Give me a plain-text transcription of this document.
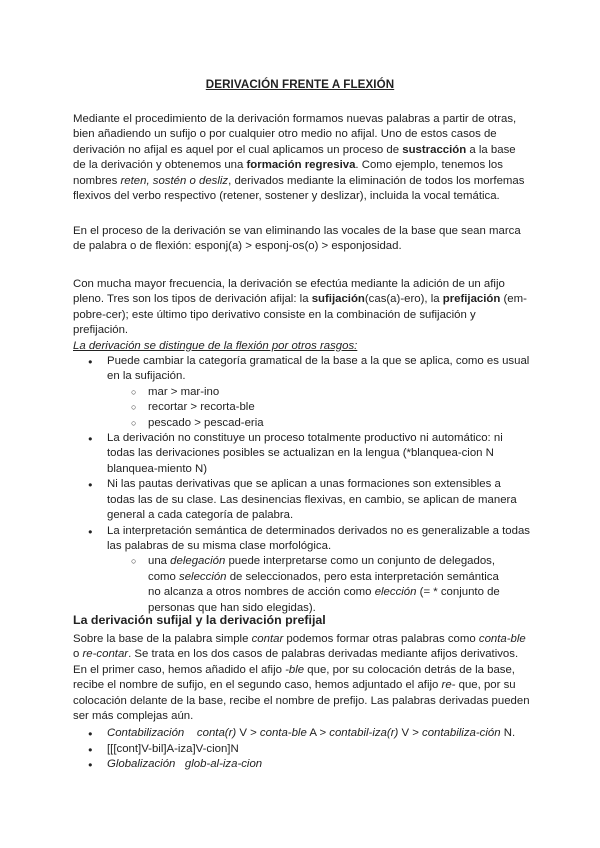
DERIVACIÓN FRENTE A FLEXIÓN

Mediante el procedimiento de la derivación formamos nuevas palabras a partir de otras, bien añadiendo un sufijo o por cualquier otro medio no afijal. Uno de estos casos de derivación no afijal es aquel por el cual aplicamos un proceso de sustracción a la base de la derivación y obtenemos una formación regresiva. Como ejemplo, tenemos los nombres reten, sostén o desliz, derivados mediante la eliminación de todos los morfemas flexivos del verbo respectivo (retener, sostener y deslizar), incluida la vocal temática.

En el proceso de la derivación se van eliminando las vocales de la base que sean marca de palabra o de flexión: esponj(a) > esponj-os(o) > esponjosidad.

Con mucha mayor frecuencia, la derivación se efectúa mediante la adición de un afijo pleno. Tres son los tipos de derivación afijal: la sufijación(cas(a)-ero), la prefijación (em-pobre-cer); este último tipo derivativo consiste en la combinación de sufijación y prefijación.

La derivación se distingue de la flexión por otros rasgos:

● Puede cambiar la categoría gramatical de la base a la que se aplica, como es usual en la sufijación.
○ mar > mar-ino
○ recortar > recorta-ble
○ pescado > pescad-eria
● La derivación no constituye un proceso totalmente productivo ni automático: ni todas las derivaciones posibles se actualizan en la lengua (*blanquea-cion N blanquea-miento N)
● Ni las pautas derivativas que se aplican a unas formaciones son extensibles a todas las de su clase. Las desinencias flexivas, en cambio, se aplican de manera general a cada categoría de palabra.
● La interpretación semántica de determinados derivados no es generalizable a todas las palabras de su misma clase morfológica.
○ una delegación puede interpretarse como un conjunto de delegados, como selección de seleccionados, pero esta interpretación semántica no alcanza a otros nombres de acción como elección (= * conjunto de personas que han sido elegidas).
La derivación sufijal y la derivación prefijal

Sobre la base de la palabra simple contar podemos formar otras palabras como conta-ble o re-contar. Se trata en los dos casos de palabras derivadas mediante afijos derivativos. En el primer caso, hemos añadido el afijo -ble que, por su colocación detrás de la base, recibe el nombre de sufijo, en el segundo caso, hemos adjuntado el afijo re- que, por su colocación delante de la base, recibe el nombre de prefijo. Las palabras derivadas pueden ser más complejas aún.

● Contabilización conta(r) V > conta-ble A > contabil-iza(r) V > contabiliza-ción N.
● [[[cont]V-bil]A-iza]V-cion]N
● Globalización glob-al-iza-cion
